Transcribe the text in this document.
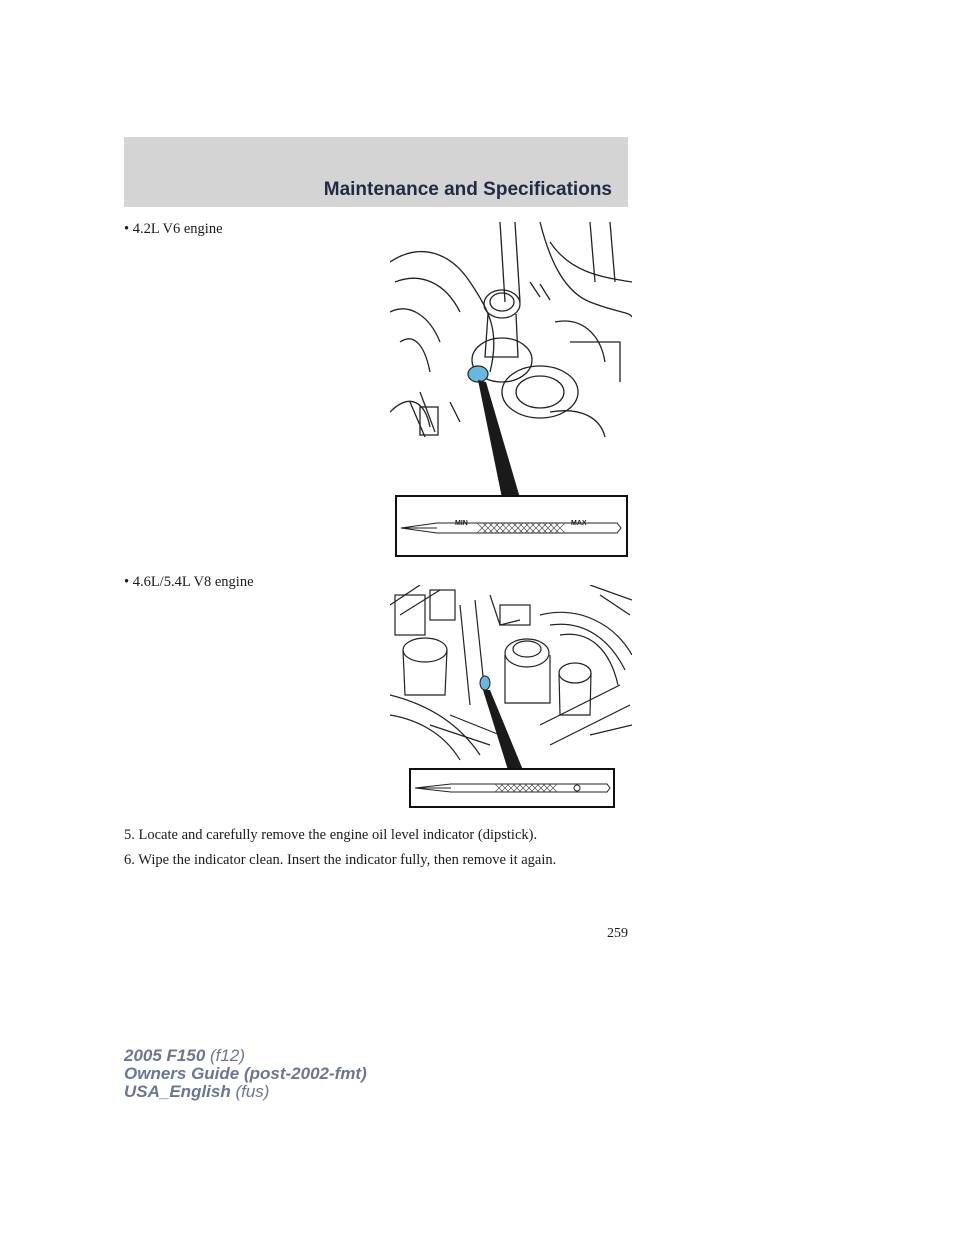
Maintenance and Specifications
• 4.2L V6 engine
MIN	MAX
• 4.6L/5.4L V8 engine
5. Locate and carefully remove the engine oil level indicator (dipstick).
6. Wipe the indicator clean. Insert the indicator fully, then remove it again.
259
2005 F150 (f12)
Owners Guide (post-2002-fmt)
USA_English (fus)
